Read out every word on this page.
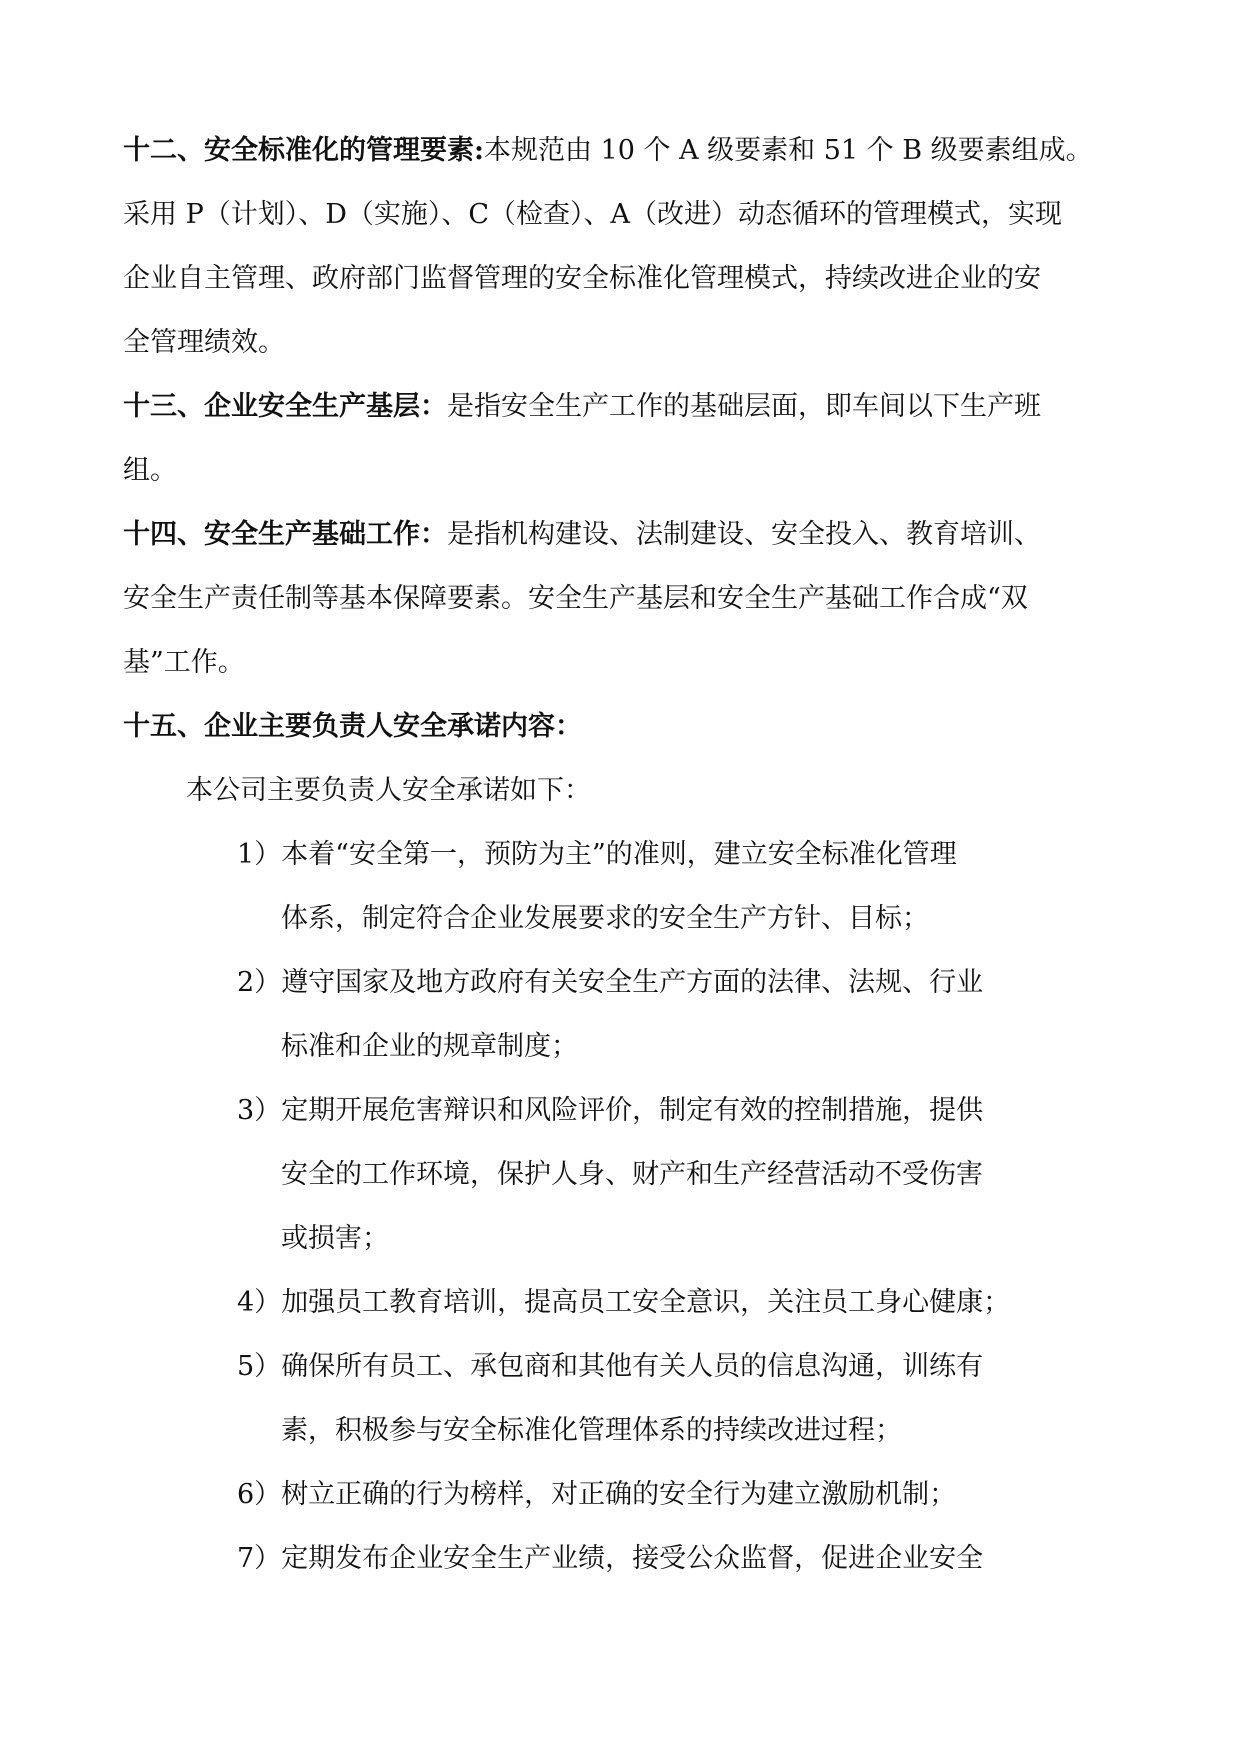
十二、安全标准化的管理要素:本规范由 10 个 A 级要素和 51 个 B 级要素组成。

采用 P（计划）、D（实施）、C（检查）、A（改进）动态循环的管理模式，实现

企业自主管理、政府部门监督管理的安全标准化管理模式，持续改进企业的安

全管理绩效。

十三、企业安全生产基层：是指安全生产工作的基础层面，即车间以下生产班

组。

十四、安全生产基础工作：是指机构建设、法制建设、安全投入、教育培训、

安全生产责任制等基本保障要素。安全生产基层和安全生产基础工作合成“双

基”工作。

十五、企业主要负责人安全承诺内容：

本公司主要负责人安全承诺如下：

1）本着“安全第一，预防为主”的准则，建立安全标准化管理

体系，制定符合企业发展要求的安全生产方针、目标；

2）遵守国家及地方政府有关安全生产方面的法律、法规、行业

标准和企业的规章制度；

3）定期开展危害辩识和风险评价，制定有效的控制措施，提供

安全的工作环境，保护人身、财产和生产经营活动不受伤害

或损害；

4）加强员工教育培训，提高员工安全意识，关注员工身心健康；

5）确保所有员工、承包商和其他有关人员的信息沟通，训练有

素，积极参与安全标准化管理体系的持续改进过程；

6）树立正确的行为榜样，对正确的安全行为建立激励机制；

7）定期发布企业安全生产业绩，接受公众监督，促进企业安全
